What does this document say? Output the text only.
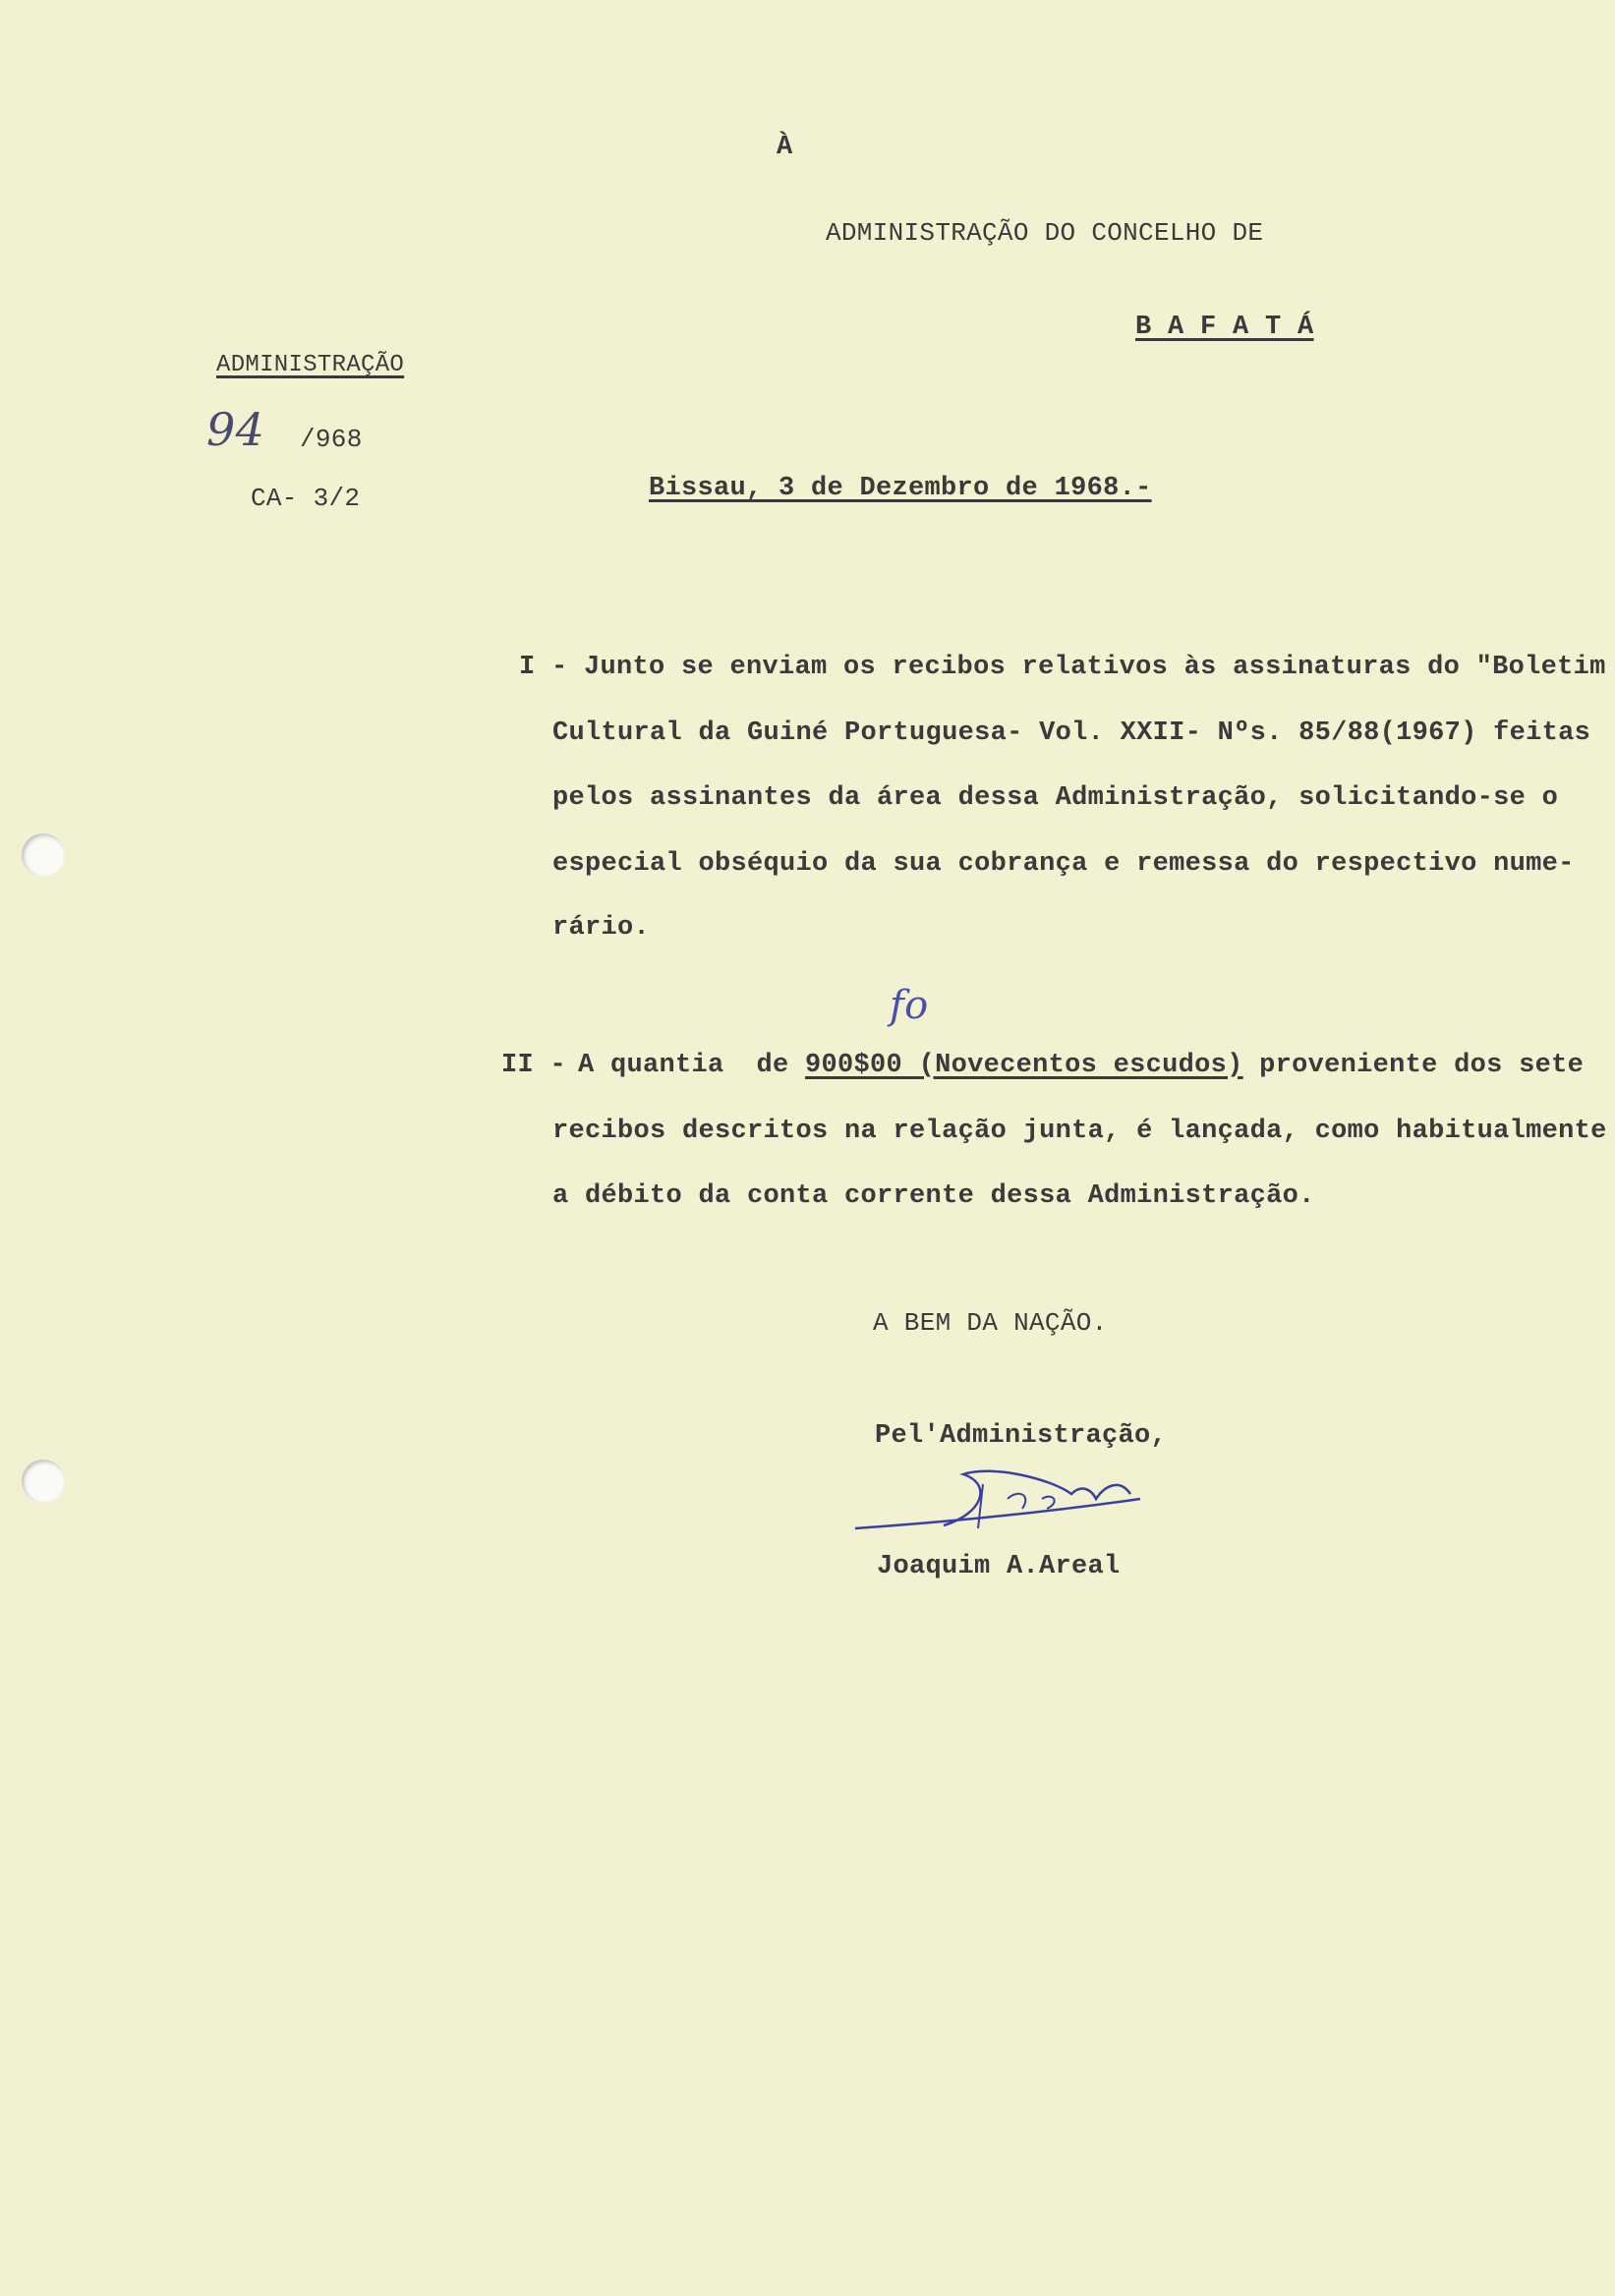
À
ADMINISTRAÇÃO DO CONCELHO DE
B A F A T Á
ADMINISTRAÇÃO
94 /968
CA- 3/2	Bissau, 3 de Dezembro de 1968.-
I - Junto se enviam os recibos relativos às assinaturas do "Boletim
Cultural da Guiné Portuguesa- Vol. XXII- Nºs. 85/88(1967) feitas
pelos assinantes da área dessa Administração, solicitando-se o
especial obséquio da sua cobrança e remessa do respectivo nume-
rário.
fo
II - A quantia  de 900$00 (Novecentos escudos) proveniente dos sete
recibos descritos na relação junta, é lançada, como habitualmente
a débito da conta corrente dessa Administração.
A BEM DA NAÇÃO.
Pel'Administração,
Joaquim A.Areal
